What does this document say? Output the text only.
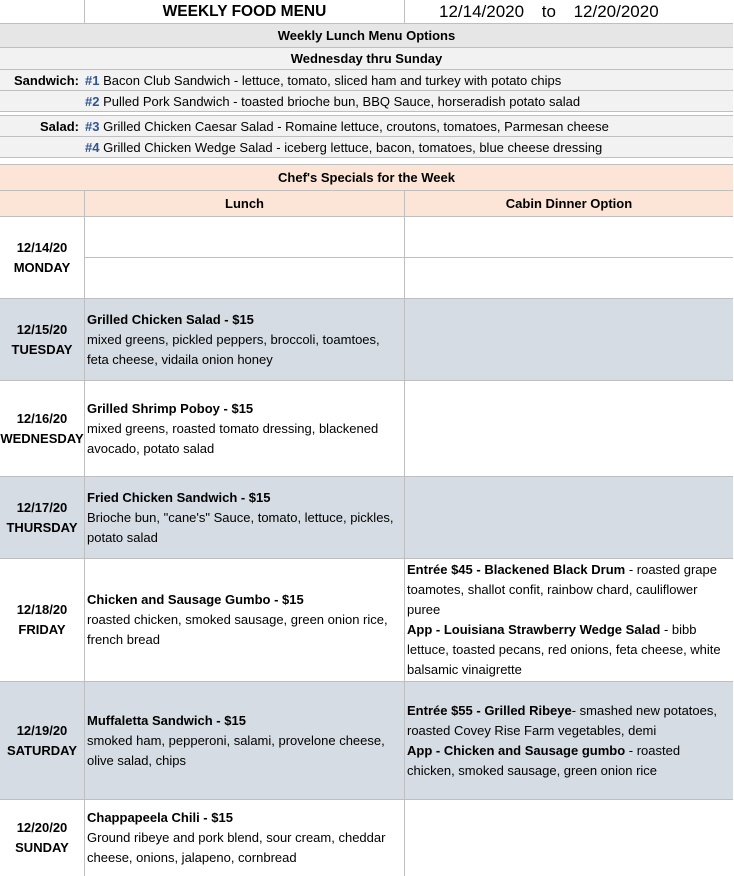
WEEKLY FOOD MENU	12/14/2020 to 12/20/2020
Weekly Lunch Menu Options
Wednesday thru Sunday
Sandwich: #1 Bacon Club Sandwich - lettuce, tomato, sliced ham and turkey with potato chips
#2 Pulled Pork Sandwich - toasted brioche bun, BBQ Sauce, horseradish potato salad
Salad: #3 Grilled Chicken Caesar Salad - Romaine lettuce, croutons, tomatoes, Parmesan cheese
#4 Grilled Chicken Wedge Salad - iceberg lettuce, bacon, tomatoes, blue cheese dressing
Chef's Specials for the Week
Lunch	Cabin Dinner Option
12/14/20
MONDAY
12/15/20
TUESDAY
Grilled Chicken Salad - $15
mixed greens, pickled peppers, broccoli, toamtoes, feta cheese, vidaila onion honey
12/16/20
WEDNESDAY
Grilled Shrimp Poboy - $15
mixed greens, roasted tomato dressing, blackened avocado, potato salad
12/17/20
THURSDAY
Fried Chicken Sandwich - $15
Brioche bun, "cane's" Sauce, tomato, lettuce, pickles, potato salad
12/18/20
FRIDAY
Chicken and Sausage Gumbo - $15
roasted chicken, smoked sausage, green onion rice, french bread
Entrée $45 - Blackened Black Drum - roasted grape toamotes, shallot confit, rainbow chard, cauliflower puree
App - Louisiana Strawberry Wedge Salad - bibb lettuce, toasted pecans, red onions, feta cheese, white balsamic vinaigrette
12/19/20
SATURDAY
Muffaletta Sandwich - $15
smoked ham, pepperoni, salami, provelone cheese, olive salad, chips
Entrée $55 - Grilled Ribeye- smashed new potatoes, roasted Covey Rise Farm vegetables, demi
App - Chicken and Sausage gumbo - roasted chicken, smoked sausage, green onion rice
12/20/20
SUNDAY
Chappapeela Chili - $15
Ground ribeye and pork blend, sour cream, cheddar cheese, onions, jalapeno, cornbread
